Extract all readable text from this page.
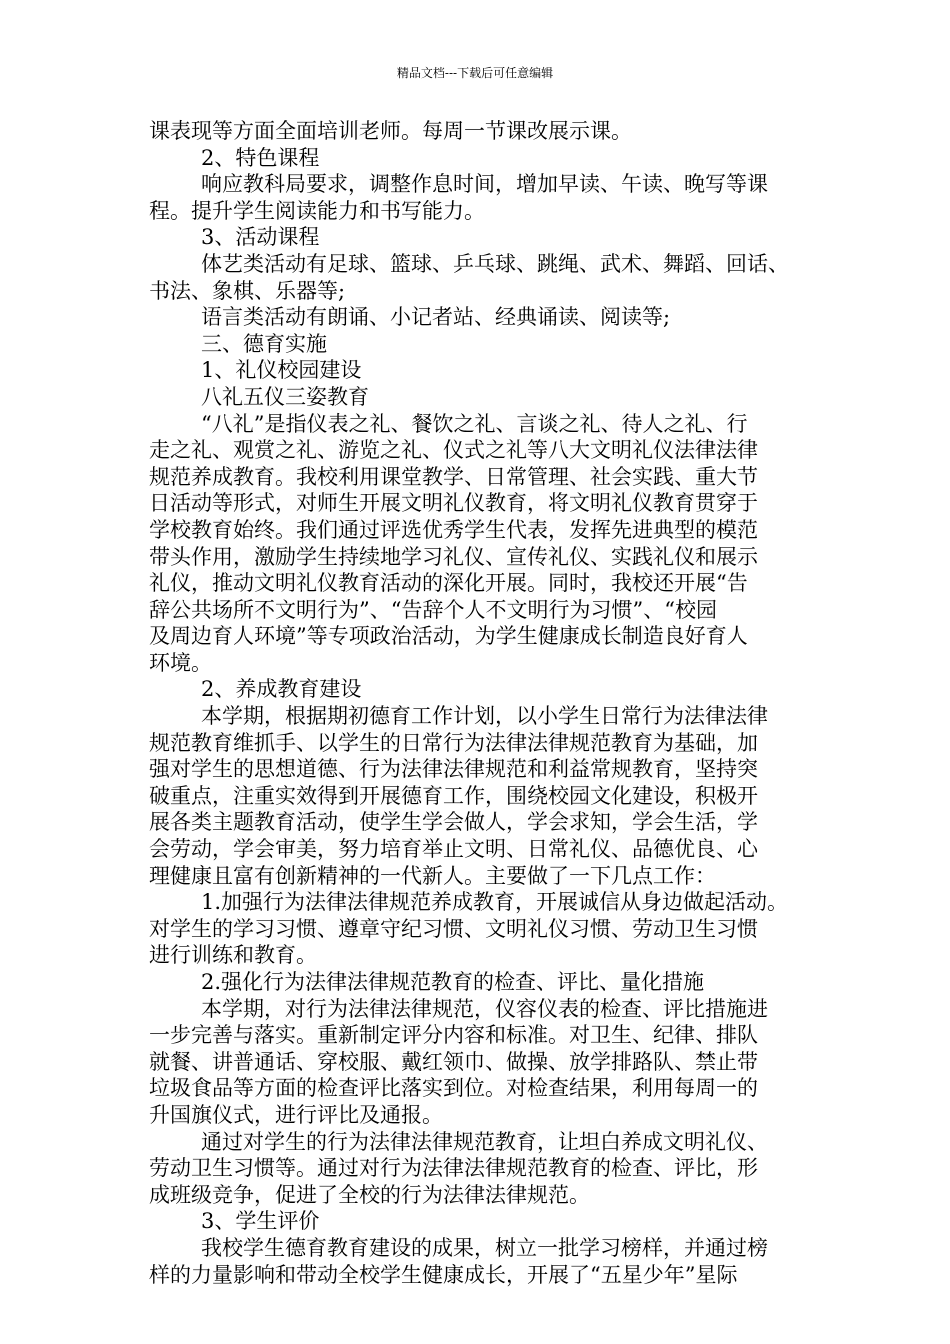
精品文档---下载后可任意编辑
课表现等方面全面培训老师。每周一节课改展示课。
2、特色课程
响应教科局要求，调整作息时间，增加早读、午读、晚写等课
程。提升学生阅读能力和书写能力。
3、活动课程
体艺类活动有足球、篮球、乒乓球、跳绳、武术、舞蹈、回话、
书法、象棋、乐器等;
语言类活动有朗诵、小记者站、经典诵读、阅读等;
三、德育实施
1、礼仪校园建设
八礼五仪三姿教育
“八礼”是指仪表之礼、餐饮之礼、言谈之礼、待人之礼、行
走之礼、观赏之礼、游览之礼、仪式之礼等八大文明礼仪法律法律
规范养成教育。我校利用课堂教学、日常管理、社会实践、重大节
日活动等形式，对师生开展文明礼仪教育，将文明礼仪教育贯穿于
学校教育始终。我们通过评选优秀学生代表，发挥先进典型的模范
带头作用，激励学生持续地学习礼仪、宣传礼仪、实践礼仪和展示
礼仪，推动文明礼仪教育活动的深化开展。同时，我校还开展“告
辞公共场所不文明行为”、“告辞个人不文明行为习惯”、“校园
及周边育人环境”等专项政治活动，为学生健康成长制造良好育人
环境。
2、养成教育建设
本学期，根据期初德育工作计划，以小学生日常行为法律法律
规范教育维抓手、以学生的日常行为法律法律规范教育为基础，加
强对学生的思想道德、行为法律法律规范和利益常规教育，坚持突
破重点，注重实效得到开展德育工作，围绕校园文化建设，积极开
展各类主题教育活动，使学生学会做人，学会求知，学会生活，学
会劳动，学会审美，努力培育举止文明、日常礼仪、品德优良、心
理健康且富有创新精神的一代新人。主要做了一下几点工作：
1.加强行为法律法律规范养成教育，开展诚信从身边做起活动。
对学生的学习习惯、遵章守纪习惯、文明礼仪习惯、劳动卫生习惯
进行训练和教育。
2.强化行为法律法律规范教育的检查、评比、量化措施
本学期，对行为法律法律规范，仪容仪表的检查、评比措施进
一步完善与落实。重新制定评分内容和标准。对卫生、纪律、排队
就餐、讲普通话、穿校服、戴红领巾、做操、放学排路队、禁止带
垃圾食品等方面的检查评比落实到位。对检查结果，利用每周一的
升国旗仪式，进行评比及通报。
通过对学生的行为法律法律规范教育，让坦白养成文明礼仪、
劳动卫生习惯等。通过对行为法律法律规范教育的检查、评比，形
成班级竞争，促进了全校的行为法律法律规范。
3、学生评价
我校学生德育教育建设的成果，树立一批学习榜样，并通过榜
样的力量影响和带动全校学生健康成长，开展了“五星少年”星际
